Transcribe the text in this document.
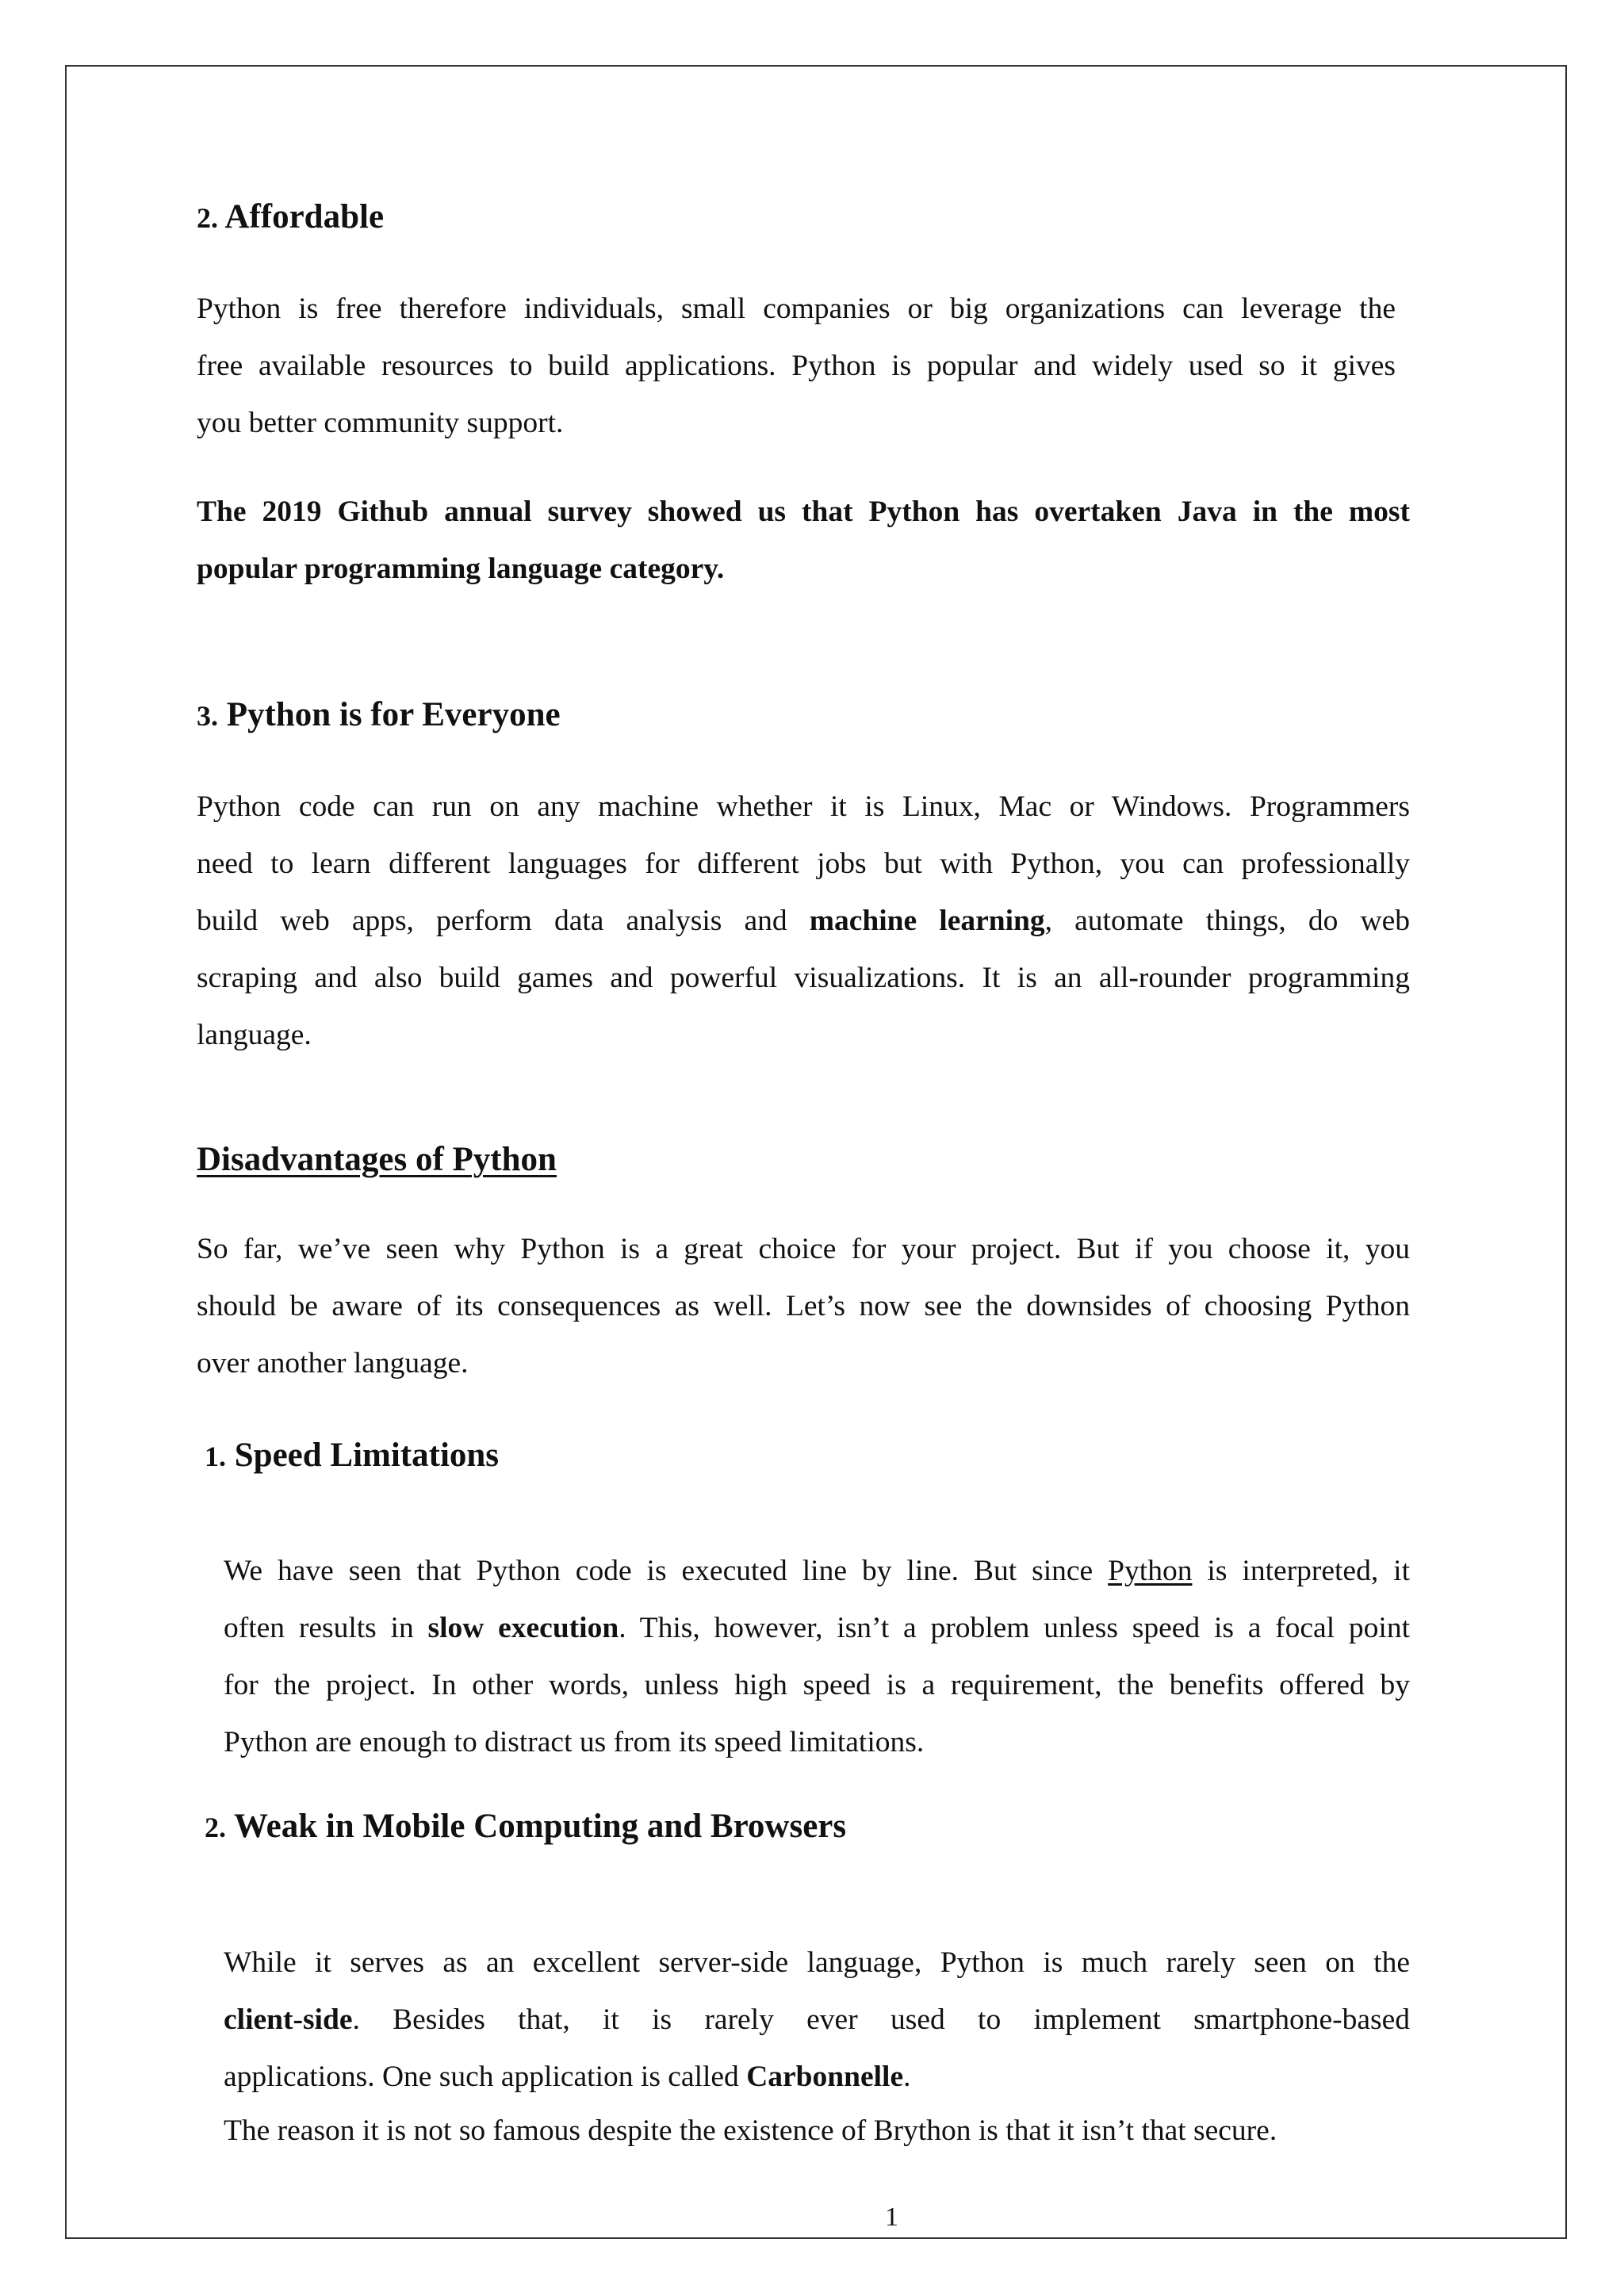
2. Affordable
Python is free therefore individuals, small companies or big organizations can leverage the
free available resources to build applications. Python is popular and widely used so it gives
you better community support.
The 2019 Github annual survey showed us that Python has overtaken Java in the most
popular programming language category.
3. Python is for Everyone
Python code can run on any machine whether it is Linux, Mac or Windows. Programmers
need to learn different languages for different jobs but with Python, you can professionally
build web apps, perform data analysis and machine learning, automate things, do web
scraping and also build games and powerful visualizations. It is an all-rounder programming
language.
Disadvantages of Python
So far, we’ve seen why Python is a great choice for your project. But if you choose it, you
should be aware of its consequences as well. Let’s now see the downsides of choosing Python
over another language.
1. Speed Limitations
We have seen that Python code is executed line by line. But since Python is interpreted, it
often results in slow execution. This, however, isn’t a problem unless speed is a focal point
for the project. In other words, unless high speed is a requirement, the benefits offered by
Python are enough to distract us from its speed limitations.
2. Weak in Mobile Computing and Browsers
While it serves as an excellent server-side language, Python is much rarely seen on the
client-side. Besides that, it is rarely ever used to implement smartphone-based
applications. One such application is called Carbonnelle.
The reason it is not so famous despite the existence of Brython is that it isn’t that secure.
1
